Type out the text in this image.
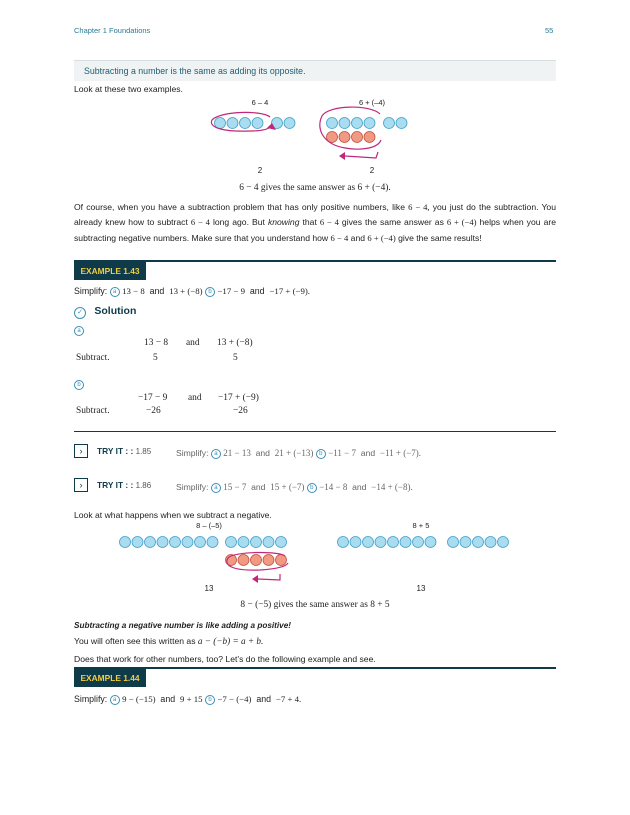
Chapter 1 Foundations	55
Subtracting a number is the same as adding its opposite.
Look at these two examples.
6 – 4	6 + (–4)
2	2
6 − 4 gives the same answer as 6 + (−4).
Of course, when you have a subtraction problem that has only positive numbers, like 6 − 4, you just do the subtraction. You already knew how to subtract 6 − 4 long ago. But knowing that 6 − 4 gives the same answer as 6 + (−4) helps when you are subtracting negative numbers. Make sure that you understand how 6 − 4 and 6 + (−4) give the same results!
EXAMPLE 1.43
Simplify: a 13 − 8 and 13 + (−8) b −17 − 9 and −17 + (−9).
✓ Solution
a
13 − 8 and 13 + (−8)
Subtract.	5	5
b
−17 − 9 and −17 + (−9)
Subtract.	−26	−26
›	TRY IT : : 1.85	Simplify: a 21 − 13 and 21 + (−13) b −11 − 7 and −11 + (−7).
›	TRY IT : : 1.86	Simplify: a 15 − 7 and 15 + (−7) b −14 − 8 and −14 + (−8).
Look at what happens when we subtract a negative.
8 – (–5)	8 + 5
13	13
8 − (−5) gives the same answer as 8 + 5
Subtracting a negative number is like adding a positive!
You will often see this written as a − (−b) = a + b.
Does that work for other numbers, too? Let’s do the following example and see.
EXAMPLE 1.44
Simplify: a 9 − (−15) and 9 + 15 b −7 − (−4) and −7 + 4.
